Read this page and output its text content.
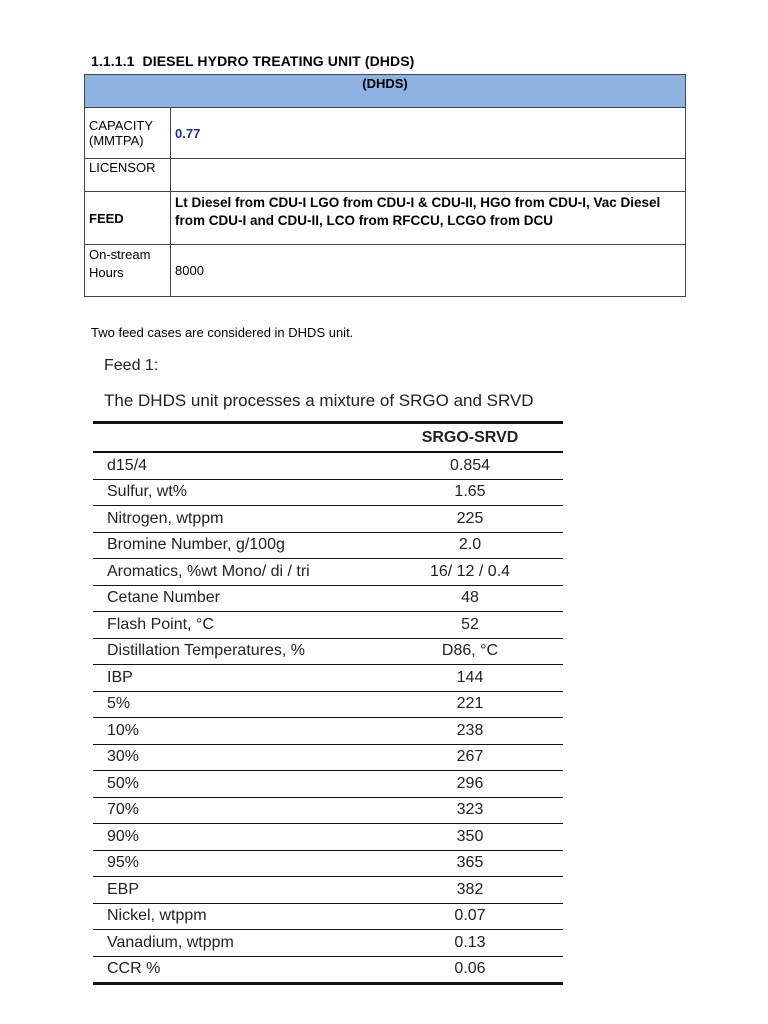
1.1.1.1 DIESEL HYDRO TREATING UNIT (DHDS)
(DHDS)	
CAPACITY (MMTPA)	0.77
LICENSOR	
FEED	Lt Diesel from CDU-I LGO from CDU-I & CDU-II, HGO from CDU-I, Vac Diesel from CDU-I and CDU-II, LCO from RFCCU, LCGO from DCU
On-stream Hours	8000
Two feed cases are considered in DHDS unit.
Feed 1:
The DHDS unit processes a mixture of SRGO and SRVD
	SRGO-SRVD
d15/4	0.854
Sulfur, wt%	1.65
Nitrogen, wtppm	225
Bromine Number, g/100g	2.0
Aromatics, %wt Mono/ di / tri	16/ 12 / 0.4
Cetane Number	48
Flash Point, °C	52
Distillation Temperatures, %	D86, °C
IBP	144
5%	221
10%	238
30%	267
50%	296
70%	323
90%	350
95%	365
EBP	382
Nickel, wtppm	0.07
Vanadium, wtppm	0.13
CCR %	0.06
